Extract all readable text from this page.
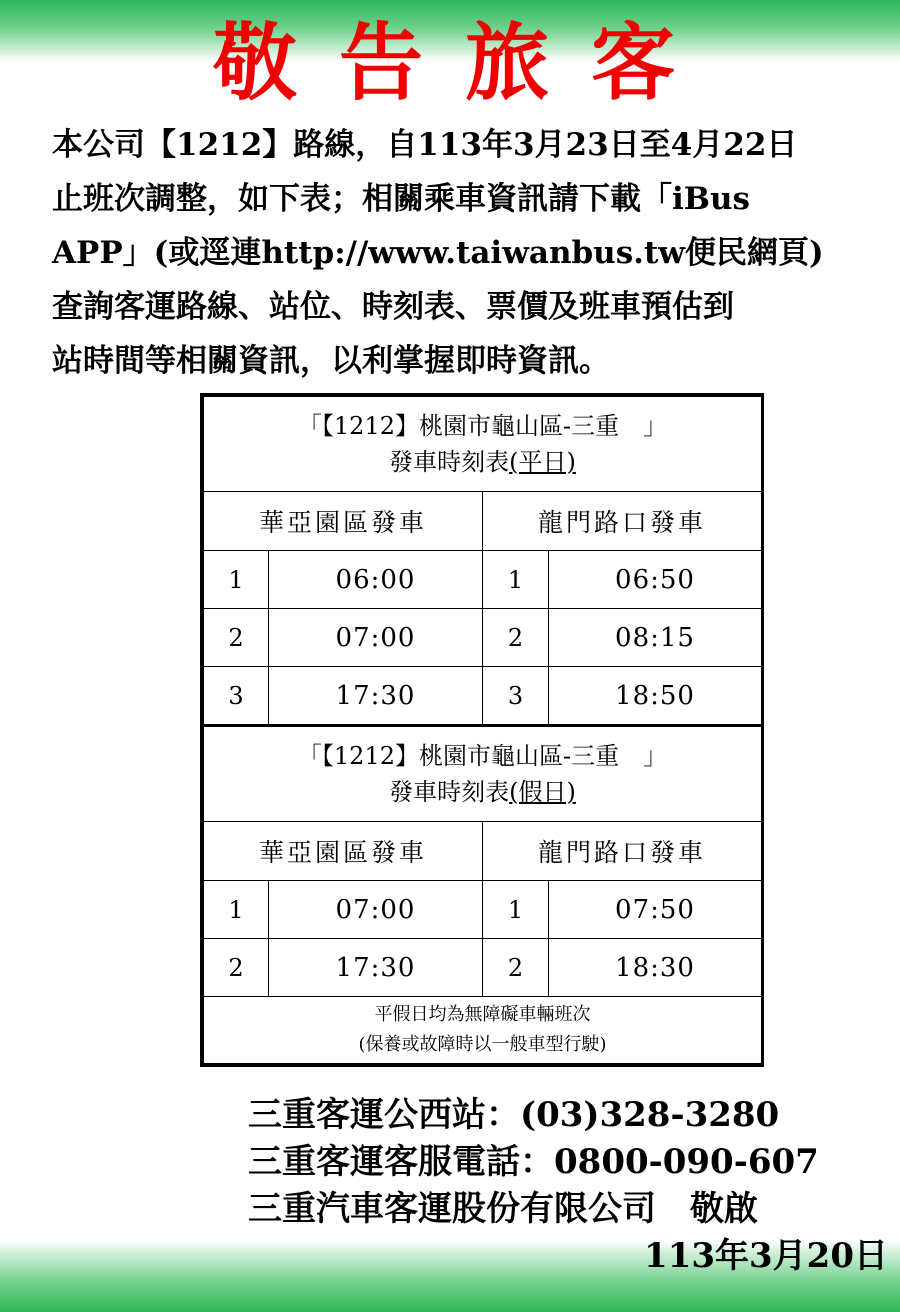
敬告旅客
本公司【1212】路線，自113年3月23日至4月22日
止班次調整，如下表；相關乘車資訊請下載「iBus
APP」(或逕連http://www.taiwanbus.tw便民網頁)
查詢客運路線、站位、時刻表、票價及班車預估到
站時間等相關資訊，以利掌握即時資訊。
「【1212】桃園市龜山區-三重　」
發車時刻表(平日)			

華亞園區發車		龍門路口發車	
1	06:00	1	06:50
2	07:00	2	08:15
3	17:30	3	18:50

「【1212】桃園市龜山區-三重　」
發車時刻表(假日)			

華亞園區發車		龍門路口發車	
1	07:00	1	07:50
2	17:30	2	18:30

平假日均為無障礙車輛班次
(保養或故障時以一般車型行駛)			
三重客運公西站：(03)328-3280
三重客運客服電話：0800-090-607
三重汽車客運股份有限公司 敬啟
113年3月20日
